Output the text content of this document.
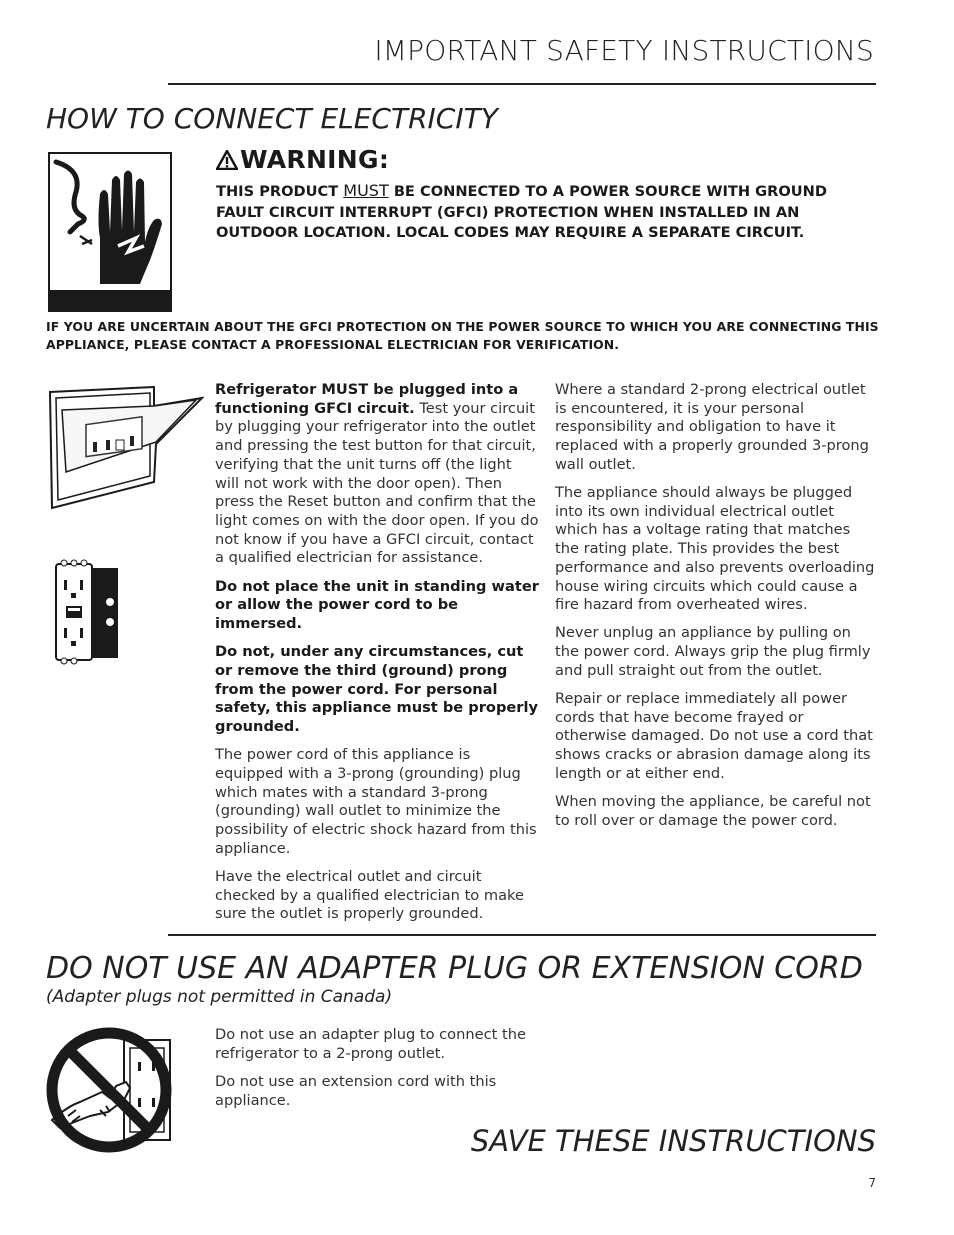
IMPORTANT SAFETY INSTRUCTIONS
HOW TO CONNECT ELECTRICITY
WARNING:
THIS PRODUCT MUST BE CONNECTED TO A POWER SOURCE WITH GROUND FAULT CIRCUIT INTERRUPT (GFCI) PROTECTION WHEN INSTALLED IN AN OUTDOOR LOCATION. LOCAL CODES MAY REQUIRE A SEPARATE CIRCUIT.
IF YOU ARE UNCERTAIN ABOUT THE GFCI PROTECTION ON THE POWER SOURCE TO WHICH YOU ARE CONNECTING THIS APPLIANCE, PLEASE CONTACT A PROFESSIONAL ELECTRICIAN FOR VERIFICATION.

Refrigerator MUST be plugged into a functioning GFCI circuit. Test your circuit by plugging your refrigerator into the outlet and pressing the test button for that circuit, verifying that the unit turns off (the light will not work with the door open). Then press the Reset button and confirm that the light comes on with the door open. If you do not know if you have a GFCI circuit, contact a qualified electrician for assistance.

Do not place the unit in standing water or allow the power cord to be immersed.

Do not, under any circumstances, cut or remove the third (ground) prong from the power cord. For personal safety, this appliance must be properly grounded.

The power cord of this appliance is equipped with a 3-prong (grounding) plug which mates with a standard 3-prong (grounding) wall outlet to minimize the possibility of electric shock hazard from this appliance.

Have the electrical outlet and circuit checked by a qualified electrician to make sure the outlet is properly grounded.

Where a standard 2-prong electrical outlet is encountered, it is your personal responsibility and obligation to have it replaced with a properly grounded 3-prong wall outlet.

The appliance should always be plugged into its own individual electrical outlet which has a voltage rating that matches the rating plate. This provides the best performance and also prevents overloading house wiring circuits which could cause a fire hazard from overheated wires.

Never unplug an appliance by pulling on the power cord. Always grip the plug firmly and pull straight out from the outlet.

Repair or replace immediately all power cords that have become frayed or otherwise damaged. Do not use a cord that shows cracks or abrasion damage along its length or at either end.

When moving the appliance, be careful not to roll over or damage the power cord.

DO NOT USE AN ADAPTER PLUG OR EXTENSION CORD
(Adapter plugs not permitted in Canada)

Do not use an adapter plug to connect the refrigerator to a 2-prong outlet.

Do not use an extension cord with this appliance.

SAVE THESE INSTRUCTIONS
7
